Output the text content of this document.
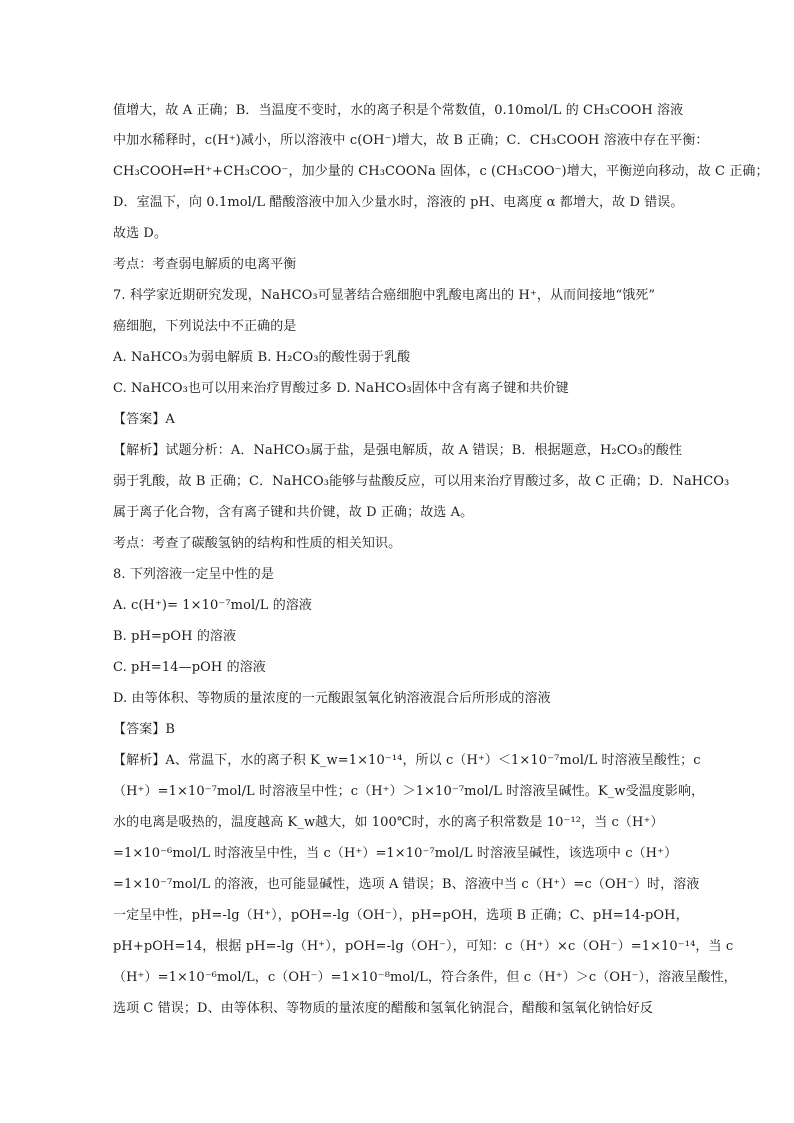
值增大，故 A 正确；B．当温度不变时，水的离子积是个常数值，0.10mol/L 的 CH₃COOH 溶液
中加水稀释时，c(H⁺)减小，所以溶液中 c(OH⁻)增大，故 B 正确；C．CH₃COOH 溶液中存在平衡：
CH₃COOH⇌H⁺+CH₃COO⁻，加少量的 CH₃COONa 固体，c (CH₃COO⁻)增大，平衡逆向移动，故 C 正确；
D．室温下，向 0.1mol/L 醋酸溶液中加入少量水时，溶液的 pH、电离度 α 都增大，故 D 错误。
故选 D。
考点：考查弱电解质的电离平衡
7. 科学家近期研究发现，NaHCO₃可显著结合癌细胞中乳酸电离出的 H⁺，从而间接地“饿死”
癌细胞，下列说法中不正确的是
A. NaHCO₃为弱电解质 B. H₂CO₃的酸性弱于乳酸
C. NaHCO₃也可以用来治疗胃酸过多 D. NaHCO₃固体中含有离子键和共价键
【答案】A
【解析】试题分析：A．NaHCO₃属于盐，是强电解质，故 A 错误；B．根据题意，H₂CO₃的酸性
弱于乳酸，故 B 正确；C．NaHCO₃能够与盐酸反应，可以用来治疗胃酸过多，故 C 正确；D．NaHCO₃
属于离子化合物，含有离子键和共价键，故 D 正确；故选 A。
考点：考查了碳酸氢钠的结构和性质的相关知识。
8. 下列溶液一定呈中性的是
A. c(H⁺)= 1×10⁻⁷mol/L 的溶液
B. pH=pOH 的溶液
C. pH=14—pOH 的溶液
D. 由等体积、等物质的量浓度的一元酸跟氢氧化钠溶液混合后所形成的溶液
【答案】B
【解析】A、常温下，水的离子积 K_w=1×10⁻¹⁴，所以 c（H⁺）＜1×10⁻⁷mol/L 时溶液呈酸性；c
（H⁺）=1×10⁻⁷mol/L 时溶液呈中性；c（H⁺）＞1×10⁻⁷mol/L 时溶液呈碱性。K_w受温度影响，
水的电离是吸热的，温度越高 K_w越大，如 100℃时，水的离子积常数是 10⁻¹²，当 c（H⁺）
=1×10⁻⁶mol/L 时溶液呈中性，当 c（H⁺）=1×10⁻⁷mol/L 时溶液呈碱性，该选项中 c（H⁺）
=1×10⁻⁷mol/L 的溶液，也可能显碱性，选项 A 错误；B、溶液中当 c（H⁺）=c（OH⁻）时，溶液
一定呈中性，pH=-lg（H⁺），pOH=-lg（OH⁻），pH=pOH，选项 B 正确；C、pH=14-pOH，
pH+pOH=14，根据 pH=-lg（H⁺），pOH=-lg（OH⁻），可知：c（H⁺）×c（OH⁻）=1×10⁻¹⁴，当 c
（H⁺）=1×10⁻⁶mol/L，c（OH⁻）=1×10⁻⁸mol/L，符合条件，但 c（H⁺）＞c（OH⁻），溶液呈酸性，
选项 C 错误；D、由等体积、等物质的量浓度的醋酸和氢氧化钠混合，醋酸和氢氧化钠恰好反
